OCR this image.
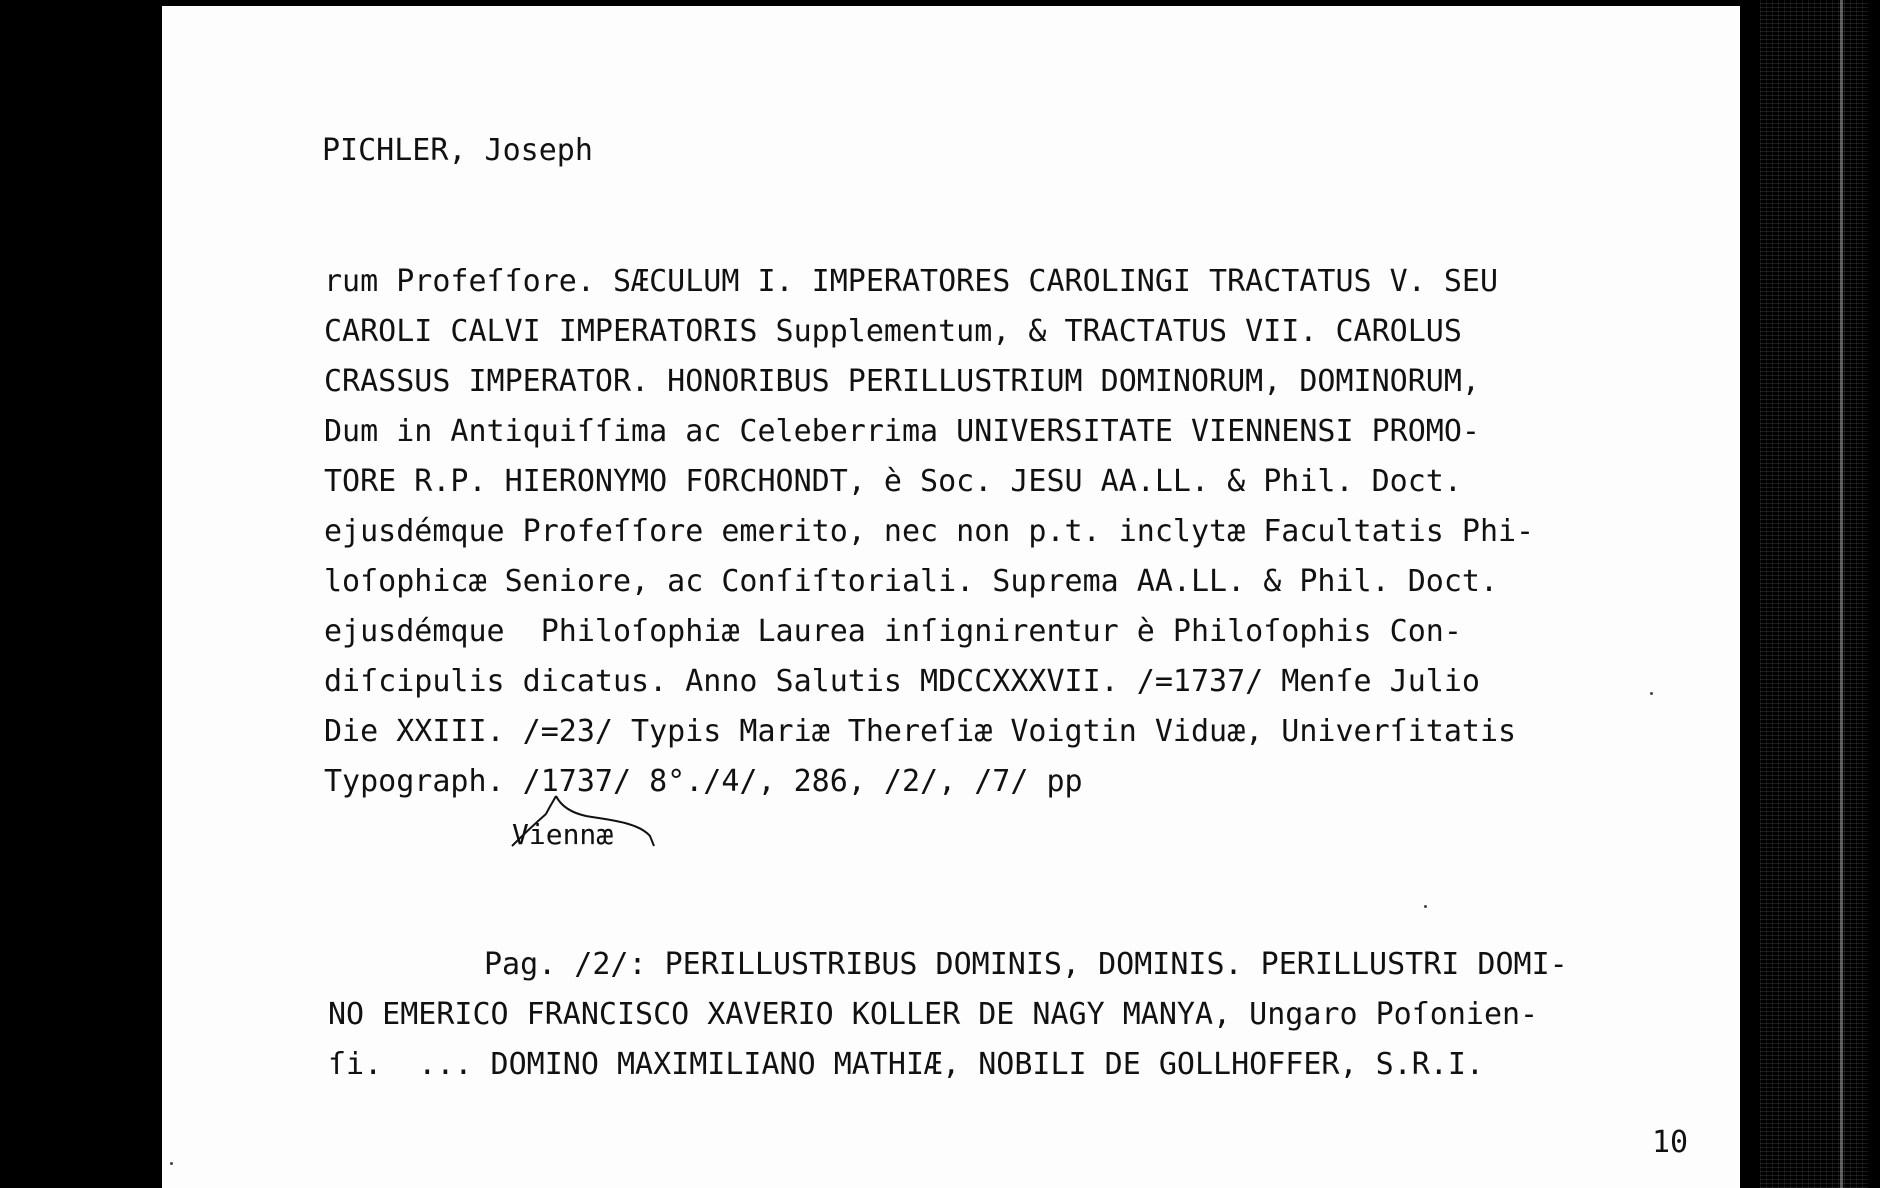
PICHLER, Joseph

rum Profeſſore. SÆCULUM I. IMPERATORES CAROLINGI TRACTATUS V. SEU

CAROLI CALVI IMPERATORIS Supplementum, & TRACTATUS VII. CAROLUS

CRASSUS IMPERATOR. HONORIBUS PERILLUSTRIUM DOMINORUM, DOMINORUM,

Dum in Antiquiſſima ac Celeberrima UNIVERSITATE VIENNENSI PROMO-

TORE R.P. HIERONYMO FORCHONDT, è Soc. JESU AA.LL. & Phil. Doct.

ejusdémque Profeſſore emerito, nec non p.t. inclytæ Facultatis Phi-

loſophicæ Seniore, ac Conſiſtoriali. Suprema AA.LL. & Phil. Doct.

ejusdémque  Philoſophiæ Laurea inſignirentur è Philoſophis Con-

diſcipulis dicatus. Anno Salutis MDCCXXXVII. /=1737/ Menſe Julio

Die XXIII. /=23/ Typis Mariæ Thereſiæ Voigtin Viduæ, Univerſitatis

Typograph. /1737/ 8°./4/, 286, /2/, /7/ pp

Viennæ

Pag. /2/: PERILLUSTRIBUS DOMINIS, DOMINIS. PERILLUSTRI DOMI-

NO EMERICO FRANCISCO XAVERIO KOLLER DE NAGY MANYA, Ungaro Poſonien-

ſi.  ... DOMINO MAXIMILIANO MATHIÆ, NOBILI DE GOLLHOFFER, S.R.I.

10
